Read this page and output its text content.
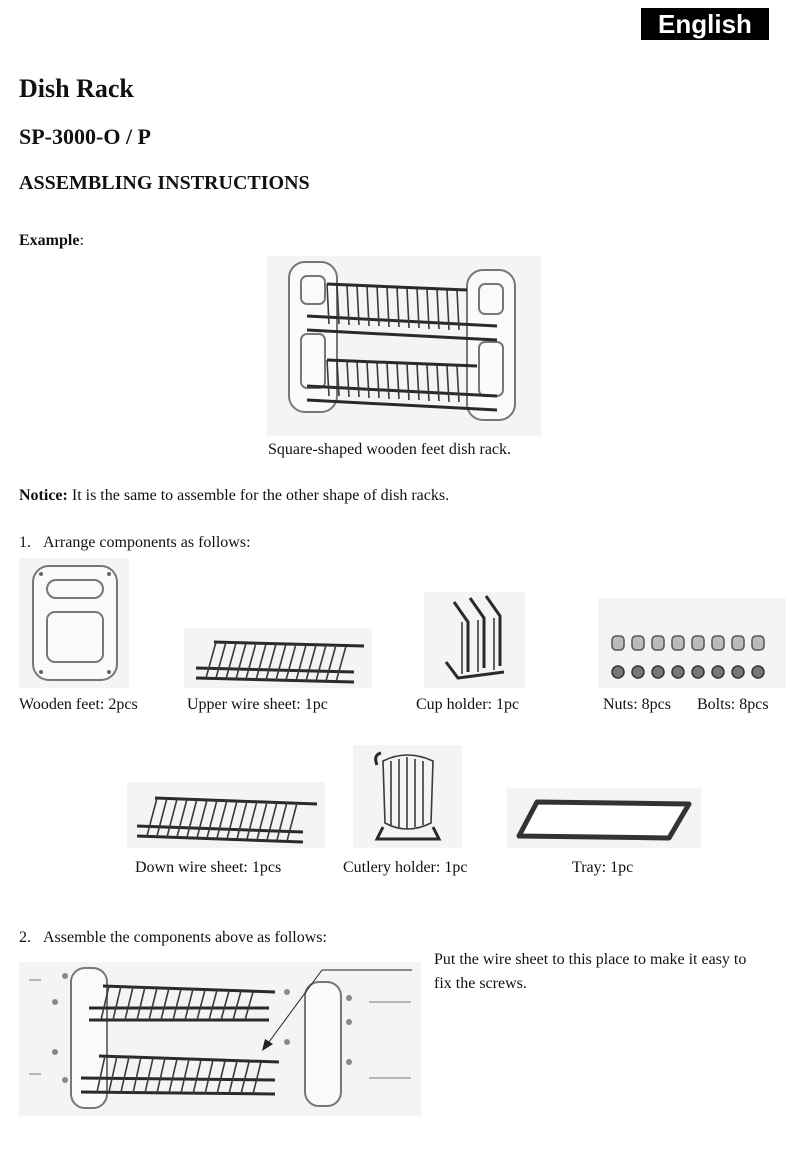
English
Dish Rack
SP-3000-O / P
ASSEMBLING INSTRUCTIONS
Example:
Square-shaped wooden feet dish rack.
Notice: It is the same to assemble for the other shape of dish racks.
1. Arrange components as follows:
Wooden feet: 2pcs	Upper wire sheet: 1pc	Cup holder: 1pc	Nuts: 8pcs Bolts: 8pcs
Down wire sheet: 1pcs	Cutlery holder: 1pc	Tray: 1pc
2. Assemble the components above as follows:
Put the wire sheet to this place to make it easy to
fix the screws.
